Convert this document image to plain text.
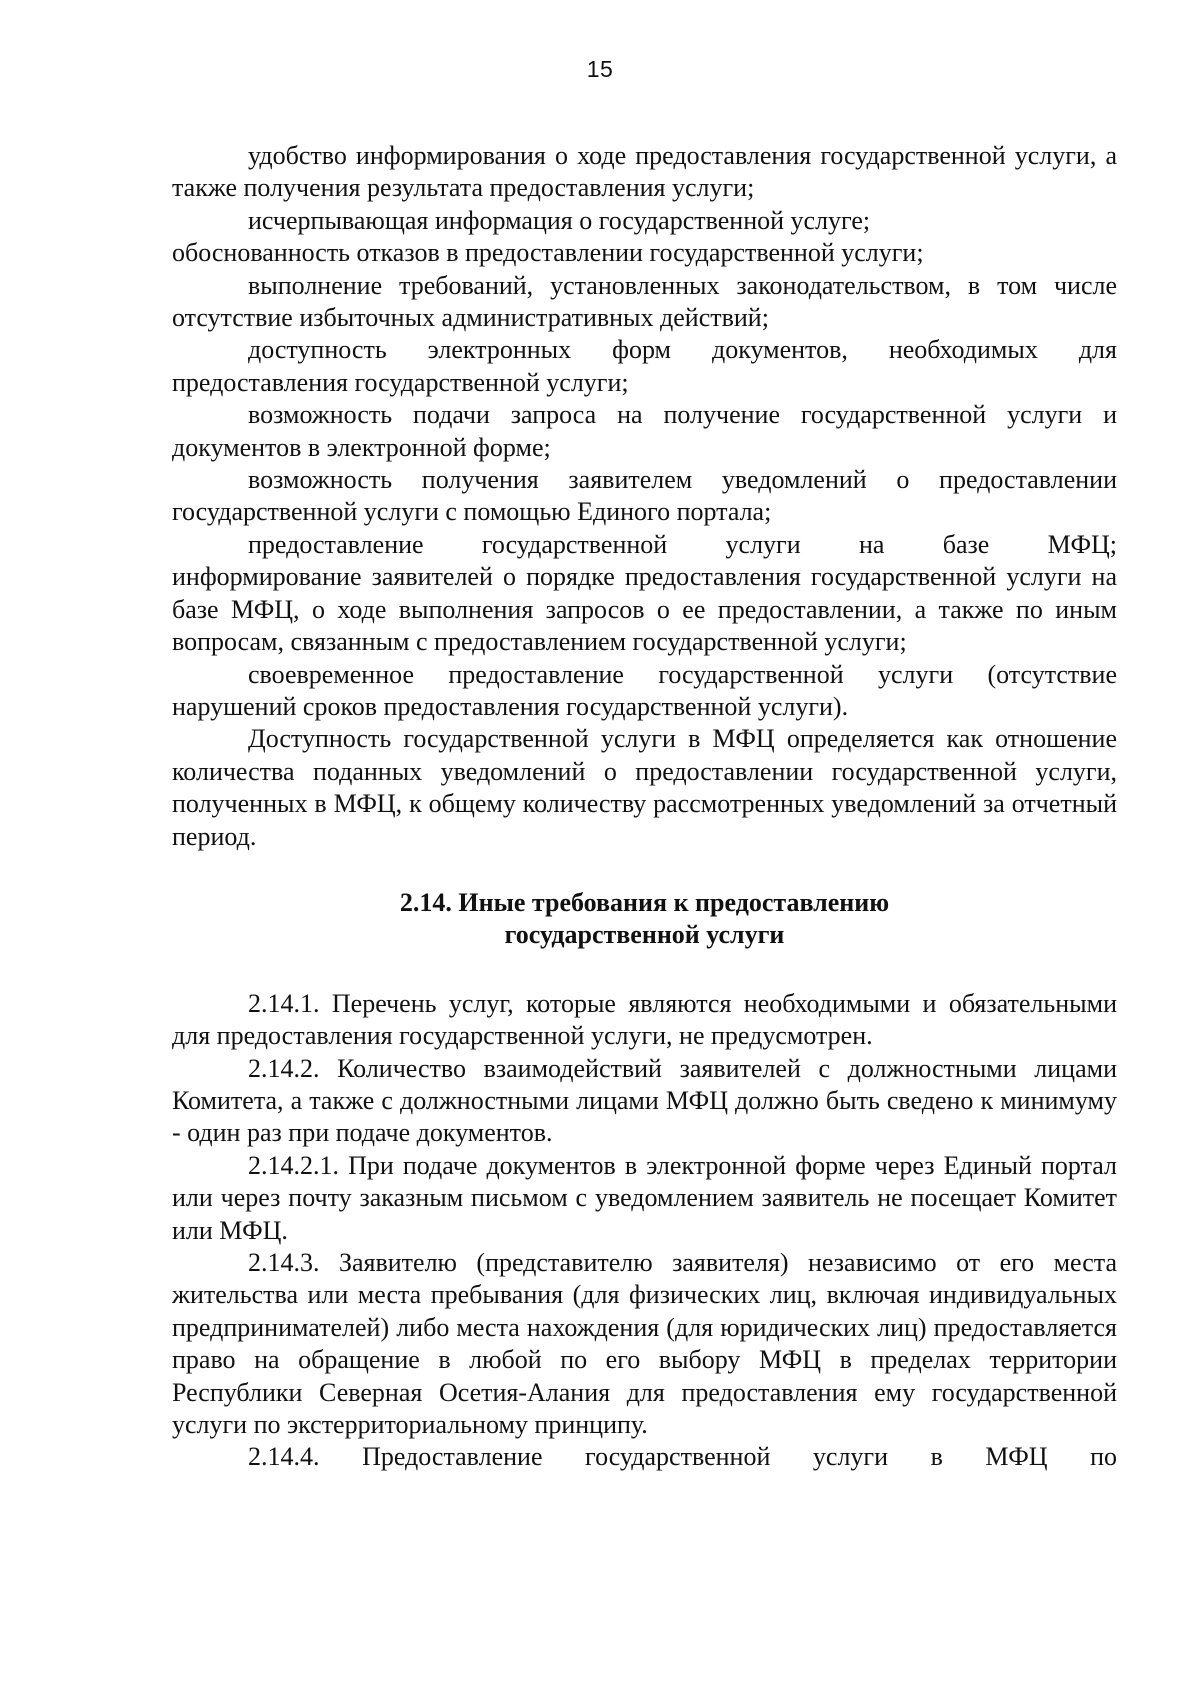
15

удобство информирования о ходе предоставления государственной услуги, а также получения результата предоставления услуги;

исчерпывающая информация о государственной услуге;

обоснованность отказов в предоставлении государственной услуги;

выполнение требований, установленных законодательством, в том числе отсутствие избыточных административных действий;

доступность электронных форм документов, необходимых для предоставления государственной услуги;

возможность подачи запроса на получение государственной услуги и документов в электронной форме;

возможность получения заявителем уведомлений о предоставлении государственной услуги с помощью Единого портала;

предоставление государственной услуги на базе МФЦ;

информирование заявителей о порядке предоставления государственной услуги на базе МФЦ, о ходе выполнения запросов о ее предоставлении, а также по иным вопросам, связанным с предоставлением государственной услуги;

своевременное предоставление государственной услуги (отсутствие нарушений сроков предоставления государственной услуги).

Доступность государственной услуги в МФЦ определяется как отношение количества поданных уведомлений о предоставлении государственной услуги, полученных в МФЦ, к общему количеству рассмотренных уведомлений за отчетный период.

2.14. Иные требования к предоставлению
государственной услуги

2.14.1. Перечень услуг, которые являются необходимыми и обязательными для предоставления государственной услуги, не предусмотрен.

2.14.2. Количество взаимодействий заявителей с должностными лицами Комитета, а также с должностными лицами МФЦ должно быть сведено к минимуму - один раз при подаче документов.

2.14.2.1. При подаче документов в электронной форме через Единый портал или через почту заказным письмом с уведомлением заявитель не посещает Комитет или МФЦ.

2.14.3. Заявителю (представителю заявителя) независимо от его места жительства или места пребывания (для физических лиц, включая индивидуальных предпринимателей) либо места нахождения (для юридических лиц) предоставляется право на обращение в любой по его выбору МФЦ в пределах территории Республики Северная Осетия-Алания для предоставления ему государственной услуги по экстерриториальному принципу.

2.14.4. Предоставление государственной услуги в МФЦ по
